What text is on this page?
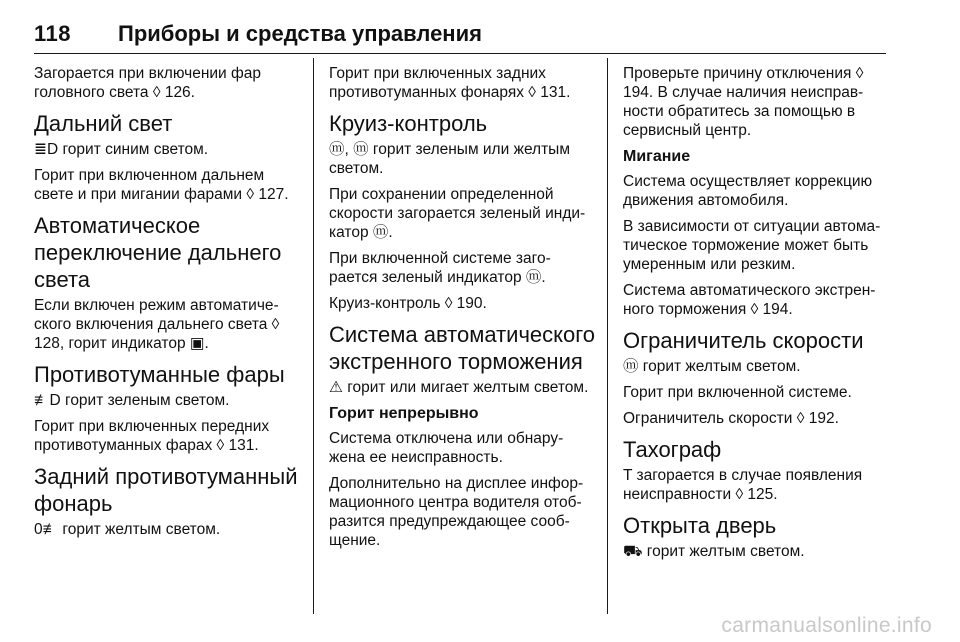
118 Приборы и средства управления

Загорается при включении фар головного света ◊ 126.

Дальний свет

≣D горит синим светом.

Горит при включенном дальнем свете и при мигании фарами ◊ 127.

Автоматическое переключение дальнего света

Если включен режим автоматиче- ского включения дальнего света ◊ 128, горит индикатор ▣.

Противотуманные фары

≢D горит зеленым светом.

Горит при включенных передних противотуманных фарах ◊ 131.

Задний противотуманный фонарь

0≢ горит желтым светом.

Горит при включенных задних противотуманных фонарях ◊ 131.

Круиз-контроль

ⓜ, ⓜ горит зеленым или желтым светом.

При сохранении определенной скорости загорается зеленый инди- катор ⓜ.

При включенной системе заго- рается зеленый индикатор ⓜ.

Круиз-контроль ◊ 190.

Система автоматического экстренного торможения

⚠ горит или мигает желтым светом.

Горит непрерывно

Система отключена или обнару- жена ее неисправность.

Дополнительно на дисплее инфор- мационного центра водителя отоб- разится предупреждающее сооб- щение.

Проверьте причину отключения ◊ 194. В случае наличия неисправ- ности обратитесь за помощью в сервисный центр.

Мигание

Система осуществляет коррекцию движения автомобиля.

В зависимости от ситуации автома- тическое торможение может быть умеренным или резким.

Система автоматического экстрен- ного торможения ◊ 194.

Ограничитель скорости

ⓜ горит желтым светом.

Горит при включенной системе.

Ограничитель скорости ◊ 192.

Тахограф

T загорается в случае появления неисправности ◊ 125.

Открыта дверь

⛟ горит желтым светом.

carmanualsonline.info
